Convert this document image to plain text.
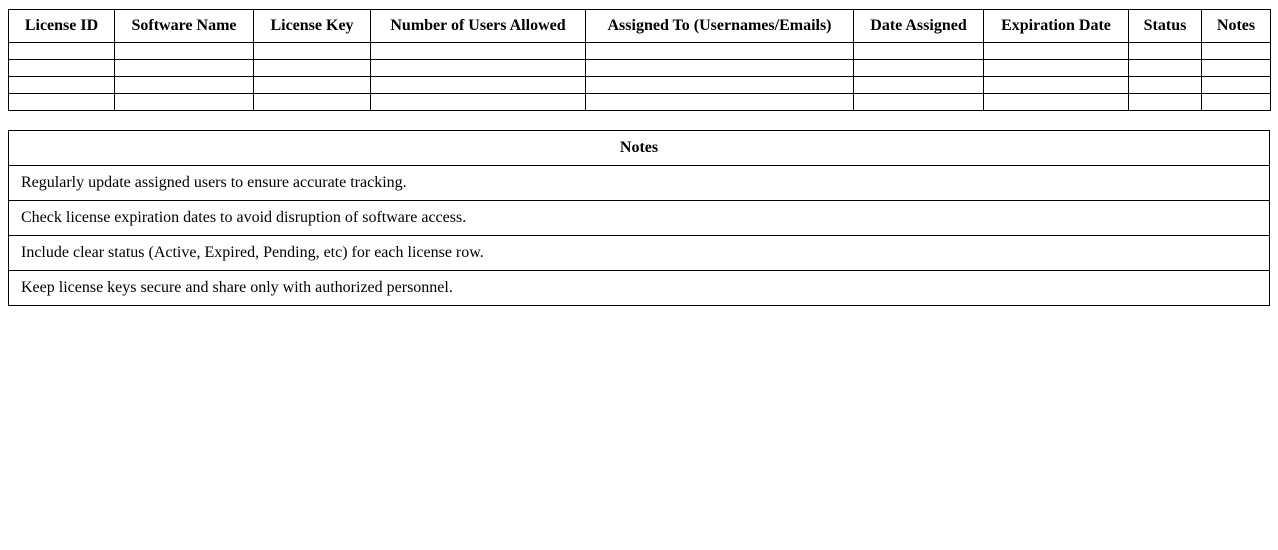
License ID	Software Name	License Key	Number of Users Allowed	Assigned To (Usernames/Emails)	Date Assigned	Expiration Date	Status	Notes

Notes
Regularly update assigned users to ensure accurate tracking.
Check license expiration dates to avoid disruption of software access.
Include clear status (Active, Expired, Pending, etc) for each license row.
Keep license keys secure and share only with authorized personnel.
